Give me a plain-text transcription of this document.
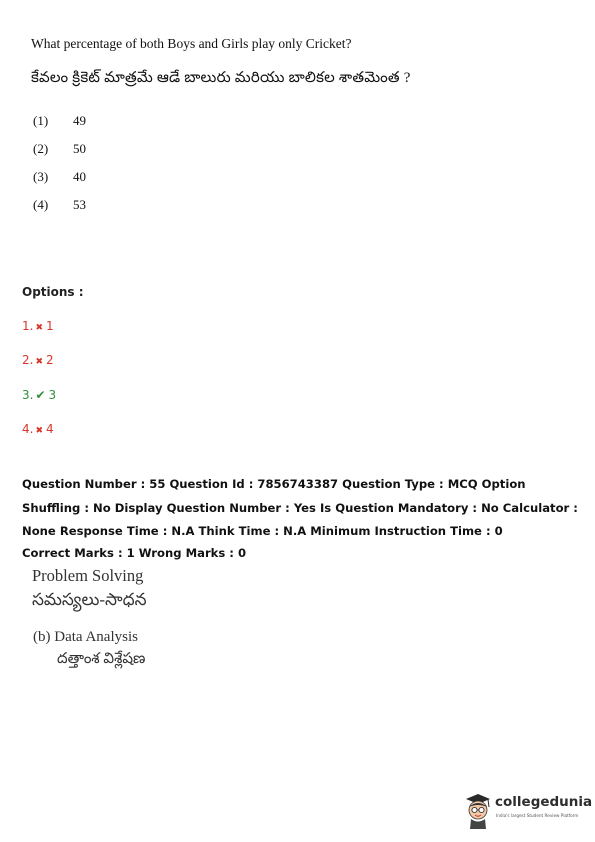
What percentage of both Boys and Girls play only Cricket?
కేవలం క్రికెట్ మాత్రమే ఆడే బాలురు మరియు బాలికల శాతమెంత ?
(1) 49
(2) 50
(3) 40
(4) 53
Options :
1. ✖ 1
2. ✖ 2
3. ✔ 3
4. ✖ 4
Question Number : 55 Question Id : 7856743387 Question Type : MCQ Option Shuffling : No Display Question Number : Yes Is Question Mandatory : No Calculator : None Response Time : N.A Think Time : N.A Minimum Instruction Time : 0
Correct Marks : 1 Wrong Marks : 0
Problem Solving
సమస్యలు-సాధన
(b) Data Analysis
దత్తాంశ విశ్లేషణ
collegedunia
India's largest Student Review Platform
